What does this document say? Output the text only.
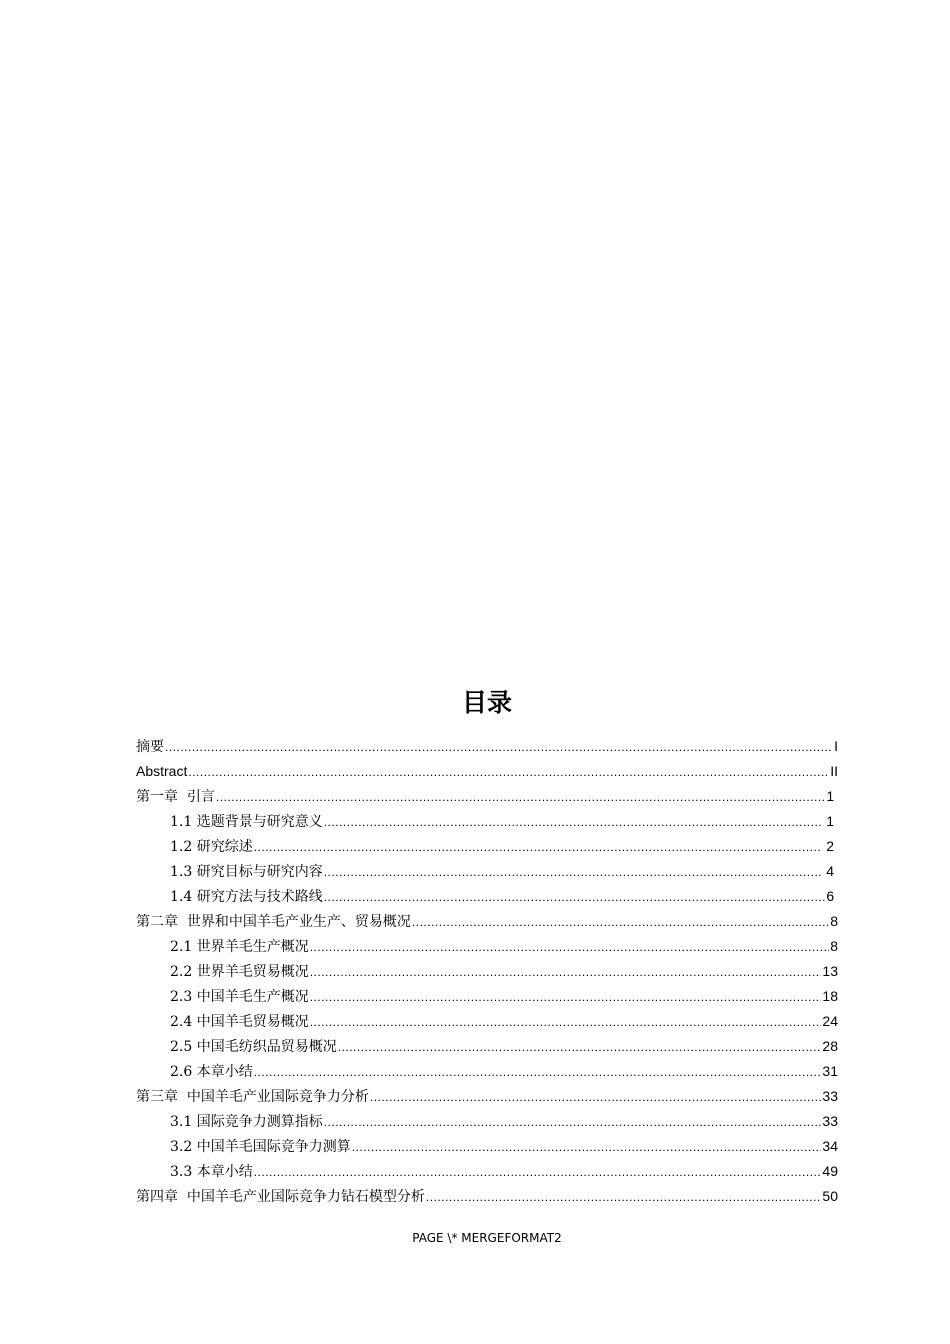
目录
摘要 .....	I
Abstract .....	II
第一章  引言 .....	1
1.1 选题背景与研究意义 .....	1
1.2 研究综述 .....	2
1.3 研究目标与研究内容 .....	4
1.4 研究方法与技术路线 .....	6
第二章  世界和中国羊毛产业生产、贸易概况 .....	8
2.1 世界羊毛生产概况 .....	8
2.2 世界羊毛贸易概况 .....	13
2.3 中国羊毛生产概况 .....	18
2.4 中国羊毛贸易概况 .....	24
2.5 中国毛纺织品贸易概况 .....	28
2.6 本章小结 .....	31
第三章  中国羊毛产业国际竞争力分析 .....	33
3.1 国际竞争力测算指标 .....	33
3.2 中国羊毛国际竞争力测算 .....	34
3.3 本章小结 .....	49
第四章  中国羊毛产业国际竞争力钻石模型分析 .....	50
PAGE \* MERGEFORMAT2
